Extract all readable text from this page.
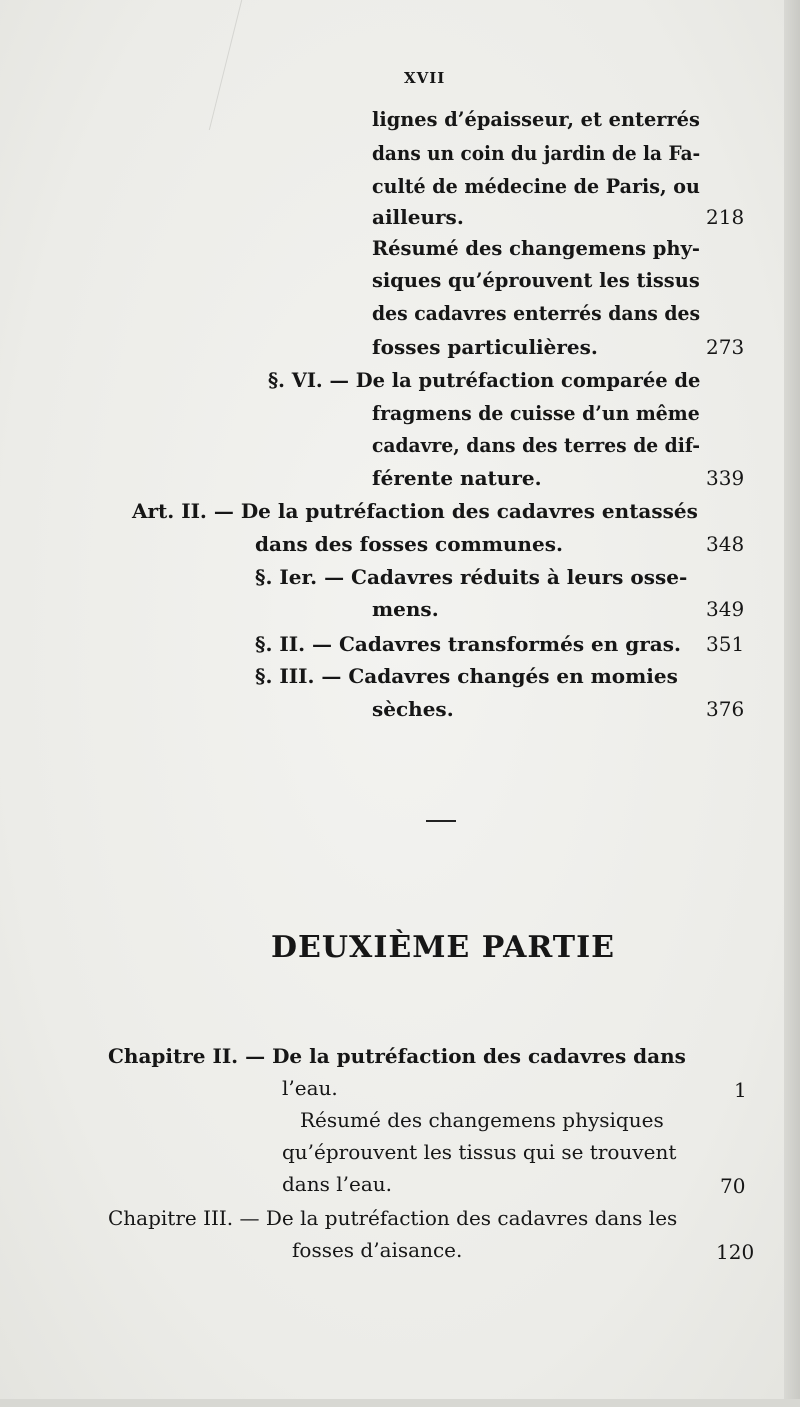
XVII
lignes d’épaisseur, et enterrés
dans un coin du jardin de la Fa-
culté de médecine de Paris, ou
ailleurs.	218
Résumé des changemens phy-
siques qu’éprouvent les tissus
des cadavres enterrés dans des
fosses particulières.	273
§. VI. — De la putréfaction comparée de
fragmens de cuisse d’un même
cadavre, dans des terres de dif-
férente nature.	339
Art. II. — De la putréfaction des cadavres entassés
dans des fosses communes.	348
§. Ier. — Cadavres réduits à leurs osse-
mens.	349
§. II. — Cadavres transformés en gras. 351
§. III. — Cadavres changés en momies
sèches.	376
DEUXIÈME PARTIE
Chapitre II. — De la putréfaction des cadavres dans
l’eau.	1
Résumé des changemens physiques
qu’éprouvent les tissus qui se trouvent
dans l’eau.	70
Chapitre III. — De la putréfaction des cadavres dans les
fosses d’aisance.	120
